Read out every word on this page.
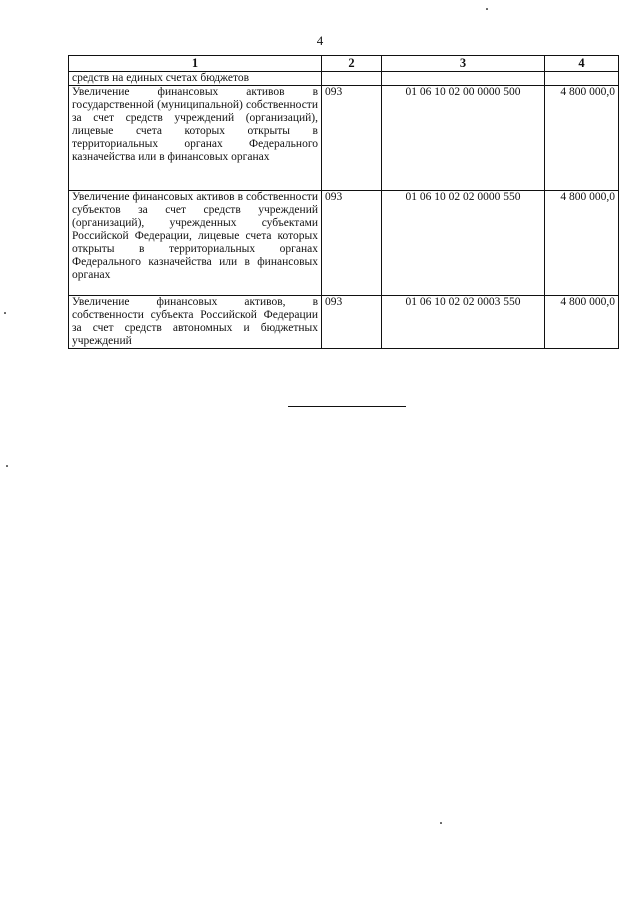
4
1	2	3	4
средств на единых счетах бюджетов			
Увеличение финансовых активов в государственной (муниципальной) собственности за счет средств учреждений (организаций), лицевые счета которых открыты в территориальных органах Федерального казначейства или в финансовых органах	093	01 06 10 02 00 0000 500	4 800 000,0
Увеличение финансовых активов в собственности субъектов за счет средств учреждений (организаций), учрежденных субъектами Российской Федерации, лицевые счета которых открыты в территориальных органах Федерального казначейства или в финансовых органах	093	01 06 10 02 02 0000 550	4 800 000,0
Увеличение финансовых активов, в собственности субъекта Российской Федерации за счет средств автономных и бюджетных учреждений	093	01 06 10 02 02 0003 550	4 800 000,0
